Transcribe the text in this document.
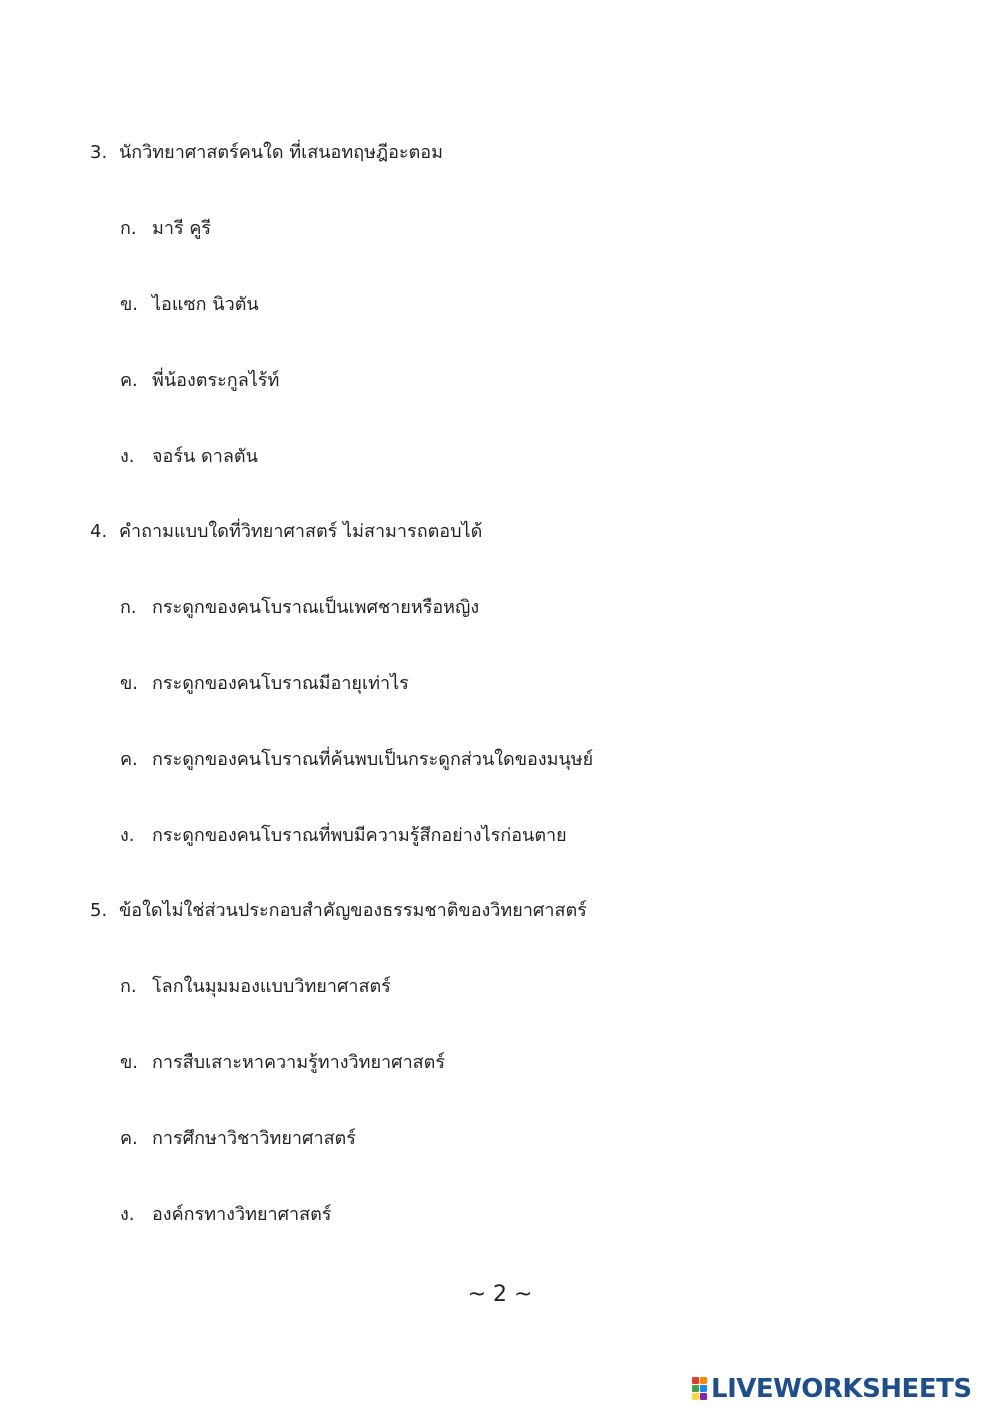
3. นักวิทยาศาสตร์คนใด ที่เสนอทฤษฎีอะตอม
ก. มารี คูรี
ข. ไอแซก นิวตัน
ค. พี่น้องตระกูลไร้ท์
ง. จอร์น ดาลตัน
4. คำถามแบบใดที่วิทยาศาสตร์ ไม่สามารถตอบได้
ก. กระดูกของคนโบราณเป็นเพศชายหรือหญิง
ข. กระดูกของคนโบราณมีอายุเท่าไร
ค. กระดูกของคนโบราณที่ค้นพบเป็นกระดูกส่วนใดของมนุษย์
ง. กระดูกของคนโบราณที่พบมีความรู้สึกอย่างไรก่อนตาย
5. ข้อใดไม่ใช่ส่วนประกอบสำคัญของธรรมชาติของวิทยาศาสตร์
ก. โลกในมุมมองแบบวิทยาศาสตร์
ข. การสืบเสาะหาความรู้ทางวิทยาศาสตร์
ค. การศึกษาวิชาวิทยาศาสตร์
ง. องค์กรทางวิทยาศาสตร์
~ 2 ~
LIVEWORKSHEETS
